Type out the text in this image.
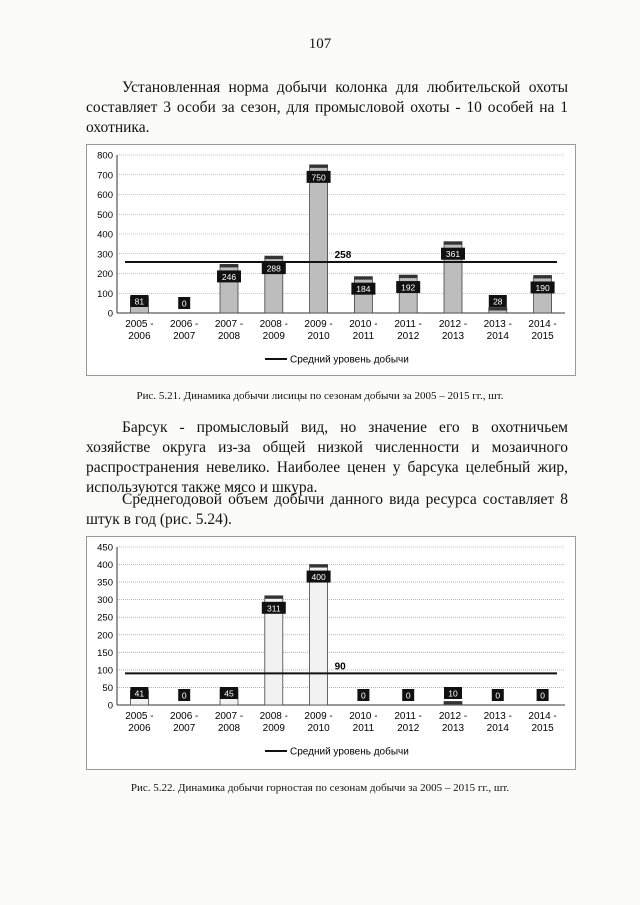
107

Установленная норма добычи колонка для любительской охоты составляет 3 особи за сезон, для промысловой охоты - 10 особей на 1 охотника.

0
100
200
300
400
500
600
700
800
81
2005 -2006
0
2006 -2007
246
2007 -2008
288
2008 -2009
750
2009 -2010
184
2010 -2011
192
2011 -2012
361
2012 -2013
28
2013 -2014
190
2014 -2015
258
Средний уровень добычи
Рис. 5.21. Динамика добычи лисицы по сезонам добычи за 2005 – 2015 гг., шт.

Барсук - промысловый вид, но значение его в охотничьем хозяйстве округа из-за общей низкой численности и мозаичного распространения невелико. Наиболее ценен у барсука целебный жир, используются также мясо и шкура.

Среднегодовой объем добычи данного вида ресурса составляет 8 штук в год (рис. 5.24).

0
50
100
150
200
250
300
350
400
450
41
2005 -2006
0
2006 -2007
45
2007 -2008
311
2008 -2009
400
2009 -2010
0
2010 -2011
0
2011 -2012
10
2012 -2013
0
2013 -2014
0
2014 -2015
90
Средний уровень добычи
Рис. 5.22. Динамика добычи горностая по сезонам добычи за 2005 – 2015 гг., шт.
